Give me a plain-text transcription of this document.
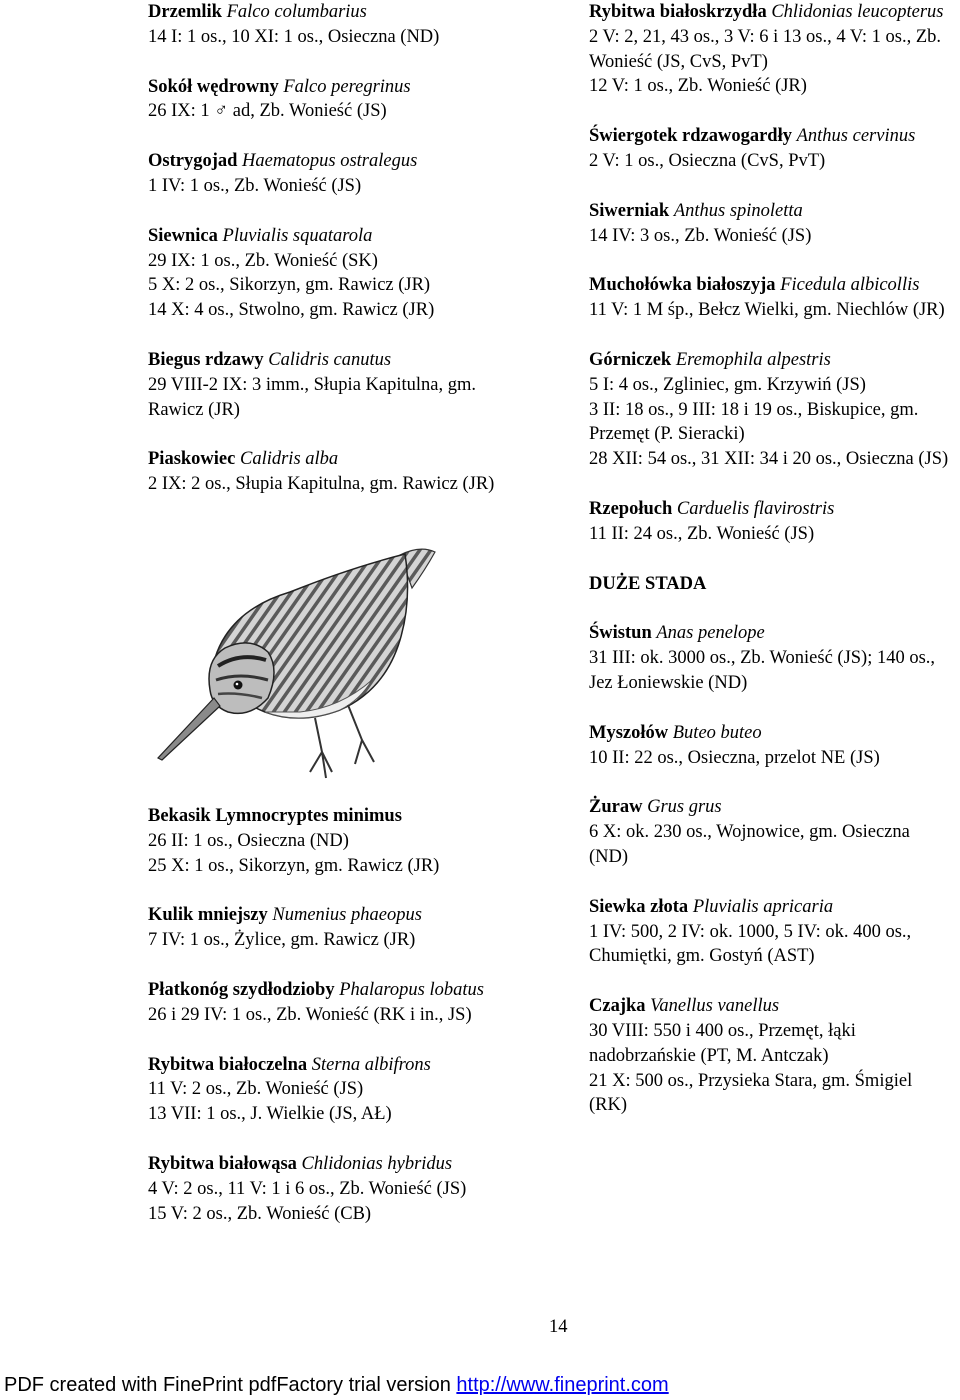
Drzemlik Falco columbarius

14 I: 1 os., 10 XI: 1 os., Osieczna (ND)

Sokół wędrowny Falco peregrinus

26 IX: 1 ♂ ad, Zb. Wonieść (JS)

Ostrygojad Haematopus ostralegus

1 IV: 1 os., Zb. Wonieść (JS)

Siewnica Pluvialis squatarola

29 IX: 1 os., Zb. Wonieść (SK)
5 X: 2 os., Sikorzyn, gm. Rawicz (JR)
14 X: 4 os., Stwolno, gm. Rawicz (JR)

Biegus rdzawy Calidris canutus

29 VIII-2 IX: 3 imm., Słupia Kapitulna, gm. Rawicz (JR)

Piaskowiec Calidris alba

2 IX: 2 os., Słupia Kapitulna, gm. Rawicz (JR)

Bekasik Lymnocryptes minimus

26 II: 1 os., Osieczna (ND)
25 X: 1 os., Sikorzyn, gm. Rawicz (JR)

Kulik mniejszy Numenius phaeopus

7 IV: 1 os., Żylice, gm. Rawicz (JR)

Płatkonóg szydłodzioby Phalaropus lobatus

26 i 29 IV: 1 os., Zb. Wonieść (RK i in., JS)

Rybitwa białoczelna Sterna albifrons

11 V: 2 os., Zb. Wonieść (JS)
13 VII: 1 os., J. Wielkie (JS, AŁ)

Rybitwa białowąsa Chlidonias hybridus

4 V: 2 os., 11 V: 1 i 6 os., Zb. Wonieść (JS)
15 V: 2 os., Zb. Wonieść (CB)

Rybitwa białoskrzydła Chlidonias leucopterus

2 V: 2, 21, 43 os., 3 V: 6 i 13 os., 4 V: 1 os., Zb. Wonieść (JS, CvS, PvT)
12 V: 1 os., Zb. Wonieść (JR)

Świergotek rdzawogardły Anthus cervinus

2 V: 1 os., Osieczna (CvS, PvT)

Siwerniak Anthus spinoletta

14 IV: 3 os., Zb. Wonieść (JS)

Muchołówka białoszyja Ficedula albicollis

11 V: 1 M śp., Bełcz Wielki, gm. Niechlów (JR)

Górniczek Eremophila alpestris

5 I: 4 os., Zgliniec, gm. Krzywiń (JS)
3 II: 18 os., 9 III: 18 i 19 os., Biskupice, gm. Przemęt (P. Sieracki)
28 XII: 54 os., 31 XII: 34 i 20 os., Osieczna (JS)

Rzepołuch Carduelis flavirostris

11 II: 24 os., Zb. Wonieść (JS)
DUŻE STADA

Świstun Anas penelope

31 III: ok. 3000 os., Zb. Wonieść (JS); 140 os., Jez Łoniewskie (ND)

Myszołów Buteo buteo

10 II: 22 os., Osieczna, przelot NE (JS)

Żuraw Grus grus

6 X: ok. 230 os., Wojnowice, gm. Osieczna (ND)

Siewka złota Pluvialis apricaria

1 IV: 500, 2 IV: ok. 1000, 5 IV: ok. 400 os., Chumiętki, gm. Gostyń (AST)

Czajka Vanellus vanellus

30 VIII: 550 i 400 os., Przemęt, łąki nadobrzańskie (PT, M. Antczak)
21 X: 500 os., Przysieka Stara, gm. Śmigiel (RK)
14
PDF created with FinePrint pdfFactory trial version http://www.fineprint.com
